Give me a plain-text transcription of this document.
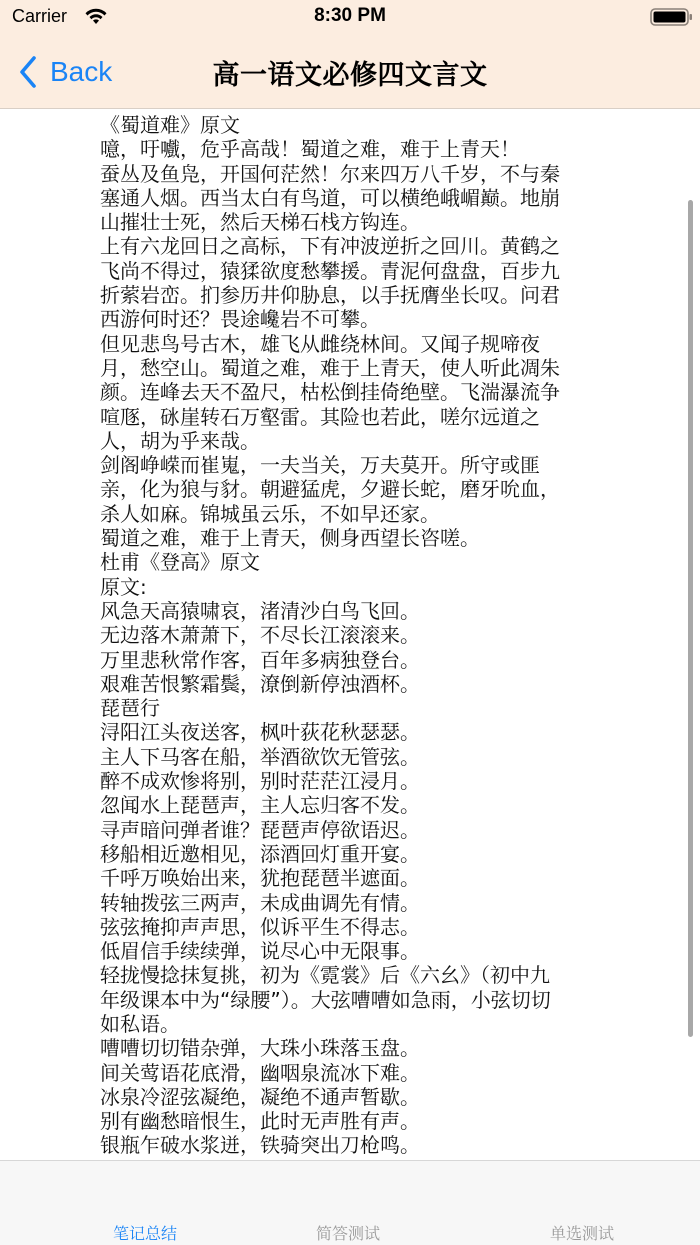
Carrier	8:30 PM
Back	高一语文必修四文言文
《蜀道难》原文
噫，吁嚱，危乎高哉！蜀道之难，难于上青天！
蚕丛及鱼凫，开国何茫然！尔来四万八千岁，不与秦
塞通人烟。西当太白有鸟道，可以横绝峨嵋巅。地崩
山摧壮士死，然后天梯石栈方钩连。
上有六龙回日之高标，下有冲波逆折之回川。黄鹤之
飞尚不得过，猿猱欲度愁攀援。青泥何盘盘，百步九
折萦岩峦。扪参历井仰胁息，以手抚膺坐长叹。问君
西游何时还？畏途巉岩不可攀。
但见悲鸟号古木，雄飞从雌绕林间。又闻子规啼夜
月，愁空山。蜀道之难，难于上青天，使人听此凋朱
颜。连峰去天不盈尺，枯松倒挂倚绝壁。飞湍瀑流争
喧豗，砯崖转石万壑雷。其险也若此，嗟尔远道之
人，胡为乎来哉。
剑阁峥嵘而崔嵬，一夫当关，万夫莫开。所守或匪
亲，化为狼与豺。朝避猛虎，夕避长蛇，磨牙吮血，
杀人如麻。锦城虽云乐，不如早还家。
蜀道之难，难于上青天，侧身西望长咨嗟。
杜甫《登高》原文
原文:
风急天高猿啸哀，渚清沙白鸟飞回。
无边落木萧萧下，不尽长江滚滚来。
万里悲秋常作客，百年多病独登台。
艰难苦恨繁霜鬓，潦倒新停浊酒杯。
琵琶行
浔阳江头夜送客，枫叶荻花秋瑟瑟。
主人下马客在船，举酒欲饮无管弦。
醉不成欢惨将别，别时茫茫江浸月。
忽闻水上琵琶声，主人忘归客不发。
寻声暗问弹者谁？琵琶声停欲语迟。
移船相近邀相见，添酒回灯重开宴。
千呼万唤始出来，犹抱琵琶半遮面。
转轴拨弦三两声，未成曲调先有情。
弦弦掩抑声声思，似诉平生不得志。
低眉信手续续弹，说尽心中无限事。
轻拢慢捻抹复挑，初为《霓裳》后《六幺》（初中九
年级课本中为“绿腰”）。大弦嘈嘈如急雨，小弦切切
如私语。
嘈嘈切切错杂弹，大珠小珠落玉盘。
间关莺语花底滑，幽咽泉流冰下难。
冰泉冷涩弦凝绝，凝绝不通声暂歇。
别有幽愁暗恨生，此时无声胜有声。
银瓶乍破水浆迸，铁骑突出刀枪鸣。
笔记总结	简答测试	单选测试
